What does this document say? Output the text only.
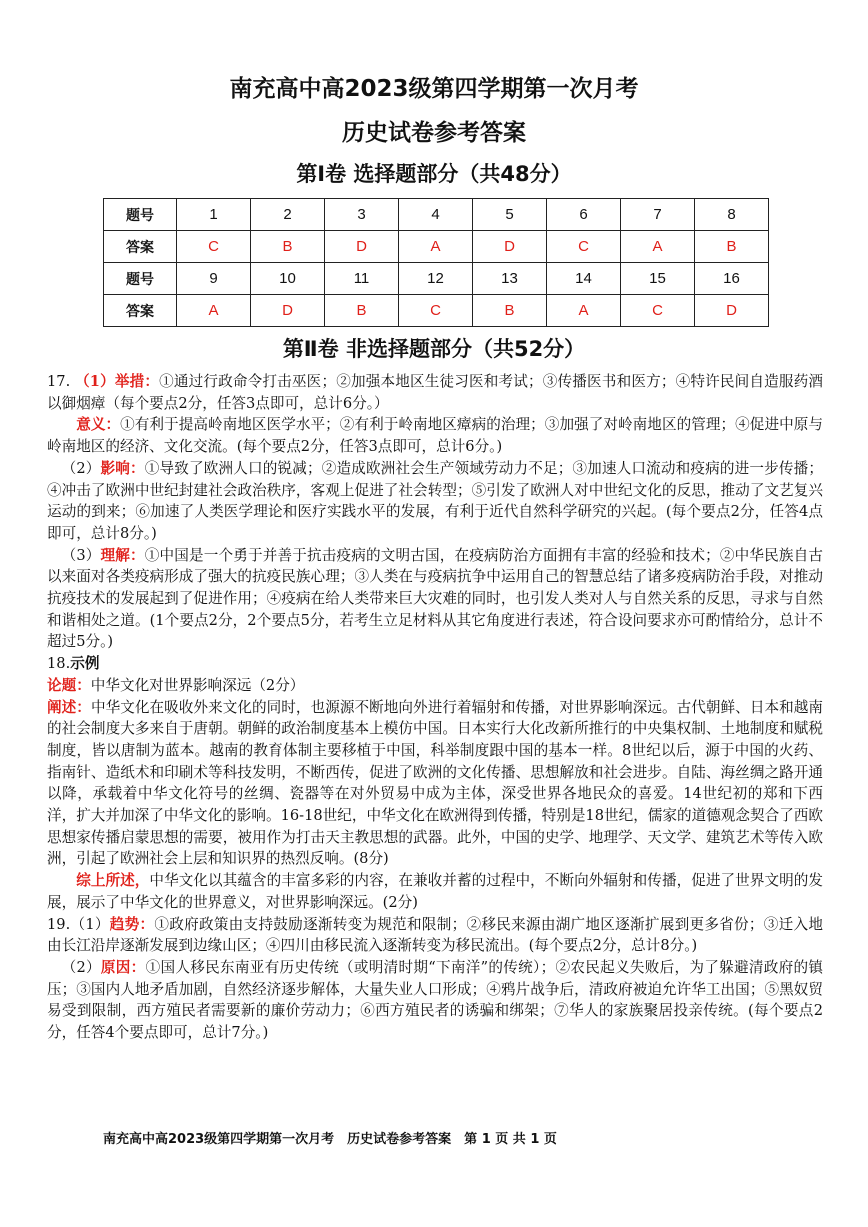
南充高中高2023级第四学期第一次月考
历史试卷参考答案
第Ⅰ卷 选择题部分（共48分）
题号	1	2	3	4	5	6	7	8
答案	C	B	D	A	D	C	A	B
题号	9	10	11	12	13	14	15	16
答案	A	D	B	C	B	A	C	D
第Ⅱ卷 非选择题部分（共52分）

17. （1）举措：①通过行政命令打击巫医；②加强本地区生徒习医和考试；③传播医书和医方；④特许民间自造服药酒以御烟瘴（每个要点2分，任答3点即可，总计6分。）

意义：①有利于提高岭南地区医学水平；②有利于岭南地区瘴病的治理；③加强了对岭南地区的管理；④促进中原与岭南地区的经济、文化交流。(每个要点2分，任答3点即可，总计6分。)

（2）影响：①导致了欧洲人口的锐减；②造成欧洲社会生产领域劳动力不足；③加速人口流动和疫病的进一步传播；④冲击了欧洲中世纪封建社会政治秩序，客观上促进了社会转型；⑤引发了欧洲人对中世纪文化的反思，推动了文艺复兴运动的到来；⑥加速了人类医学理论和医疗实践水平的发展，有利于近代自然科学研究的兴起。(每个要点2分，任答4点即可，总计8分。)

（3）理解：①中国是一个勇于并善于抗击疫病的文明古国，在疫病防治方面拥有丰富的经验和技术；②中华民族自古以来面对各类疫病形成了强大的抗疫民族心理；③人类在与疫病抗争中运用自己的智慧总结了诸多疫病防治手段，对推动抗疫技术的发展起到了促进作用；④疫病在给人类带来巨大灾难的同时，也引发人类对人与自然关系的反思，寻求与自然和谐相处之道。(1个要点2分，2个要点5分，若考生立足材料从其它角度进行表述，符合设问要求亦可酌情给分，总计不超过5分。)

18.示例

论题：中华文化对世界影响深远（2分）

阐述：中华文化在吸收外来文化的同时，也源源不断地向外进行着辐射和传播，对世界影响深远。古代朝鲜、日本和越南的社会制度大多来自于唐朝。朝鲜的政治制度基本上模仿中国。日本实行大化改新所推行的中央集权制、土地制度和赋税制度，皆以唐制为蓝本。越南的教育体制主要移植于中国，科举制度跟中国的基本一样。8世纪以后，源于中国的火药、指南针、造纸术和印刷术等科技发明，不断西传，促进了欧洲的文化传播、思想解放和社会进步。自陆、海丝绸之路开通以降，承载着中华文化符号的丝绸、瓷器等在对外贸易中成为主体，深受世界各地民众的喜爱。14世纪初的郑和下西洋，扩大并加深了中华文化的影响。16-18世纪，中华文化在欧洲得到传播，特别是18世纪，儒家的道德观念契合了西欧思想家传播启蒙思想的需要，被用作为打击天主教思想的武器。此外，中国的史学、地理学、天文学、建筑艺术等传入欧洲，引起了欧洲社会上层和知识界的热烈反响。(8分)

综上所述，中华文化以其蕴含的丰富多彩的内容，在兼收并蓄的过程中，不断向外辐射和传播，促进了世界文明的发展，展示了中华文化的世界意义，对世界影响深远。(2分)

19.（1）趋势：①政府政策由支持鼓励逐渐转变为规范和限制；②移民来源由湖广地区逐渐扩展到更多省份；③迁入地由长江沿岸逐渐发展到边缘山区；④四川由移民流入逐渐转变为移民流出。(每个要点2分，总计8分。)

（2）原因：①国人移民东南亚有历史传统（或明清时期“下南洋”的传统）；②农民起义失败后，为了躲避清政府的镇压；③国内人地矛盾加剧，自然经济逐步解体，大量失业人口形成；④鸦片战争后，清政府被迫允许华工出国；⑤黑奴贸易受到限制，西方殖民者需要新的廉价劳动力；⑥西方殖民者的诱骗和绑架；⑦华人的家族聚居投亲传统。(每个要点2分，任答4个要点即可，总计7分。)

南充高中高2023级第四学期第一次月考　历史试卷参考答案　第 1 页 共 1 页
